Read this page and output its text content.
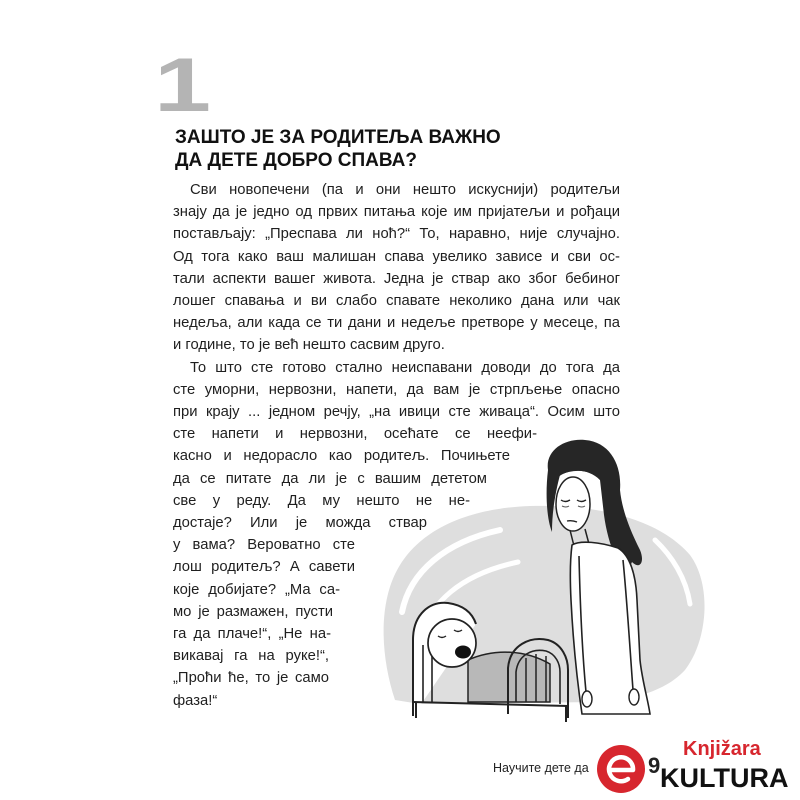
1
ЗАШТО ЈЕ ЗА РОДИТЕЉА ВАЖНО
ДА ДЕТЕ ДОБРО СПАВА?
Сви новопечени (па и они нешто искуснији) родитељи
знају да је једно од првих питања које им пријатељи и рођаци
постављају: „Преспава ли ноћ?“ То, наравно, није случајно.
Од тога како ваш малишан спава увелико зависе и сви ос-
тали аспекти вашег живота. Једна је ствар ако због бебиног
лошег спавања и ви слабо спавате неколико дана или чак
недеља, али када се ти дани и недеље претворе у месеце, па
и године, то је већ нешто сасвим друго.
То што сте готово стално неиспавани доводи до тога да
сте уморни, нервозни, напети, да вам је стрпљење опасно
при крају ... једном речју, „на ивици сте живаца“. Осим што
сте напети и нервозни, осећате се неефи-
касно и недорасло као родитељ. Почињете
да се питате да ли је с вашим дететом
све у реду. Да му нешто не не-
достаје? Или је можда ствар
у вама? Вероватно сте
лош родитељ? А савети
које добијате? „Ма са-
мо је размажен, пусти
га да плаче!“, „Не на-
викавај га на руке!“,
„Проћи ће, то је само
фаза!“
Научите дете да	9
Knjižara
KULTURA
